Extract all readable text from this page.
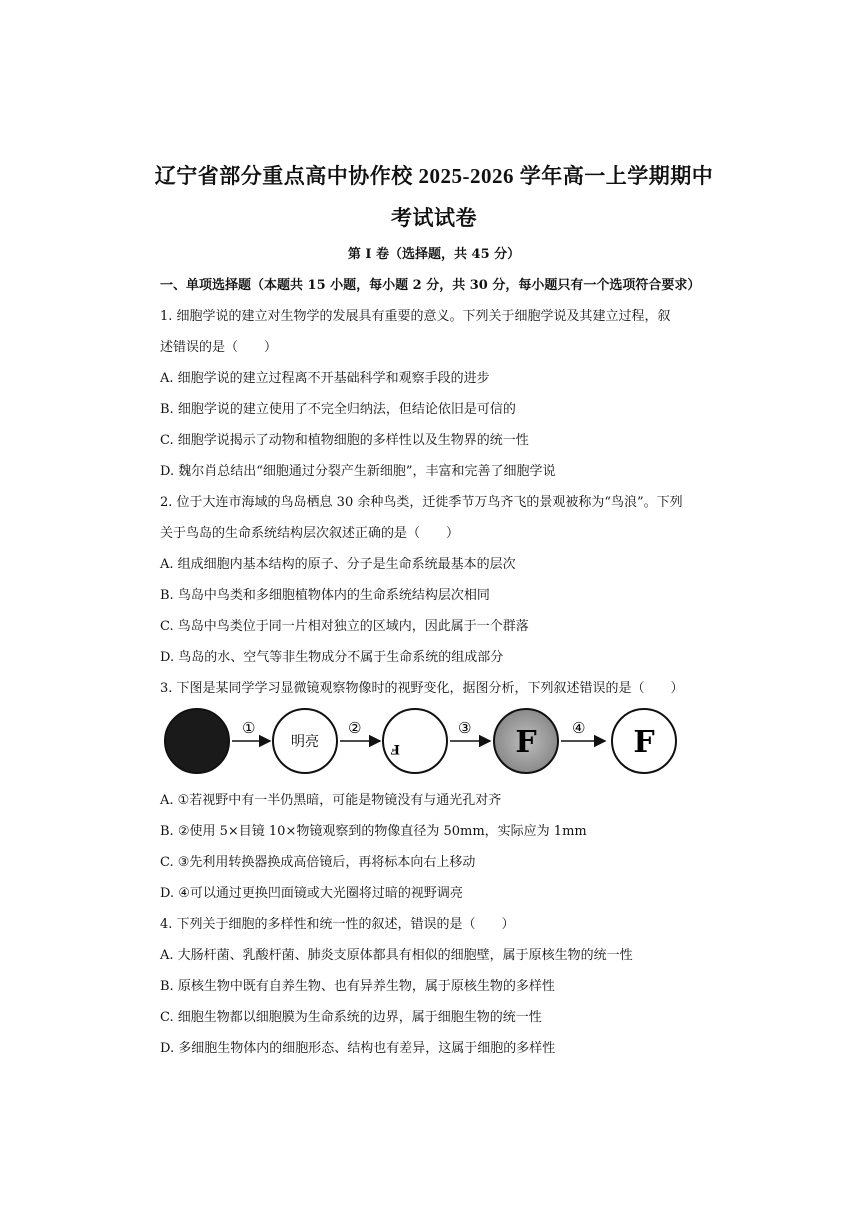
辽宁省部分重点高中协作校 2025-2026 学年高一上学期期中
考试试卷
第 I 卷（选择题，共 45 分）
一、单项选择题（本题共 15 小题，每小题 2 分，共 30 分，每小题只有一个选项符合要求）
1. 细胞学说的建立对生物学的发展具有重要的意义。下列关于细胞学说及其建立过程，叙
述错误的是（　　）
A. 细胞学说的建立过程离不开基础科学和观察手段的进步
B. 细胞学说的建立使用了不完全归纳法，但结论依旧是可信的
C. 细胞学说揭示了动物和植物细胞的多样性以及生物界的统一性
D. 魏尔肖总结出“细胞通过分裂产生新细胞”，丰富和完善了细胞学说
2. 位于大连市海域的鸟岛栖息 30 余种鸟类，迁徙季节万鸟齐飞的景观被称为“鸟浪”。下列
关于鸟岛的生命系统结构层次叙述正确的是（　　）
A. 组成细胞内基本结构的原子、分子是生命系统最基本的层次
B. 鸟岛中鸟类和多细胞植物体内的生命系统结构层次相同
C. 鸟岛中鸟类位于同一片相对独立的区域内，因此属于一个群落
D. 鸟岛的水、空气等非生物成分不属于生命系统的组成部分
3. 下图是某同学学习显微镜观察物像时的视野变化，据图分析，下列叙述错误的是（　　）
①
明亮
②
F
③ F ④ F
A. ①若视野中有一半仍黑暗，可能是物镜没有与通光孔对齐
B. ②使用 5×目镜 10×物镜观察到的物像直径为 50mm，实际应为 1mm
C. ③先利用转换器换成高倍镜后，再将标本向右上移动
D. ④可以通过更换凹面镜或大光圈将过暗的视野调亮
4. 下列关于细胞的多样性和统一性的叙述，错误的是（　　）
A. 大肠杆菌、乳酸杆菌、肺炎支原体都具有相似的细胞壁，属于原核生物的统一性
B. 原核生物中既有自养生物、也有异养生物，属于原核生物的多样性
C. 细胞生物都以细胞膜为生命系统的边界，属于细胞生物的统一性
D. 多细胞生物体内的细胞形态、结构也有差异，这属于细胞的多样性
